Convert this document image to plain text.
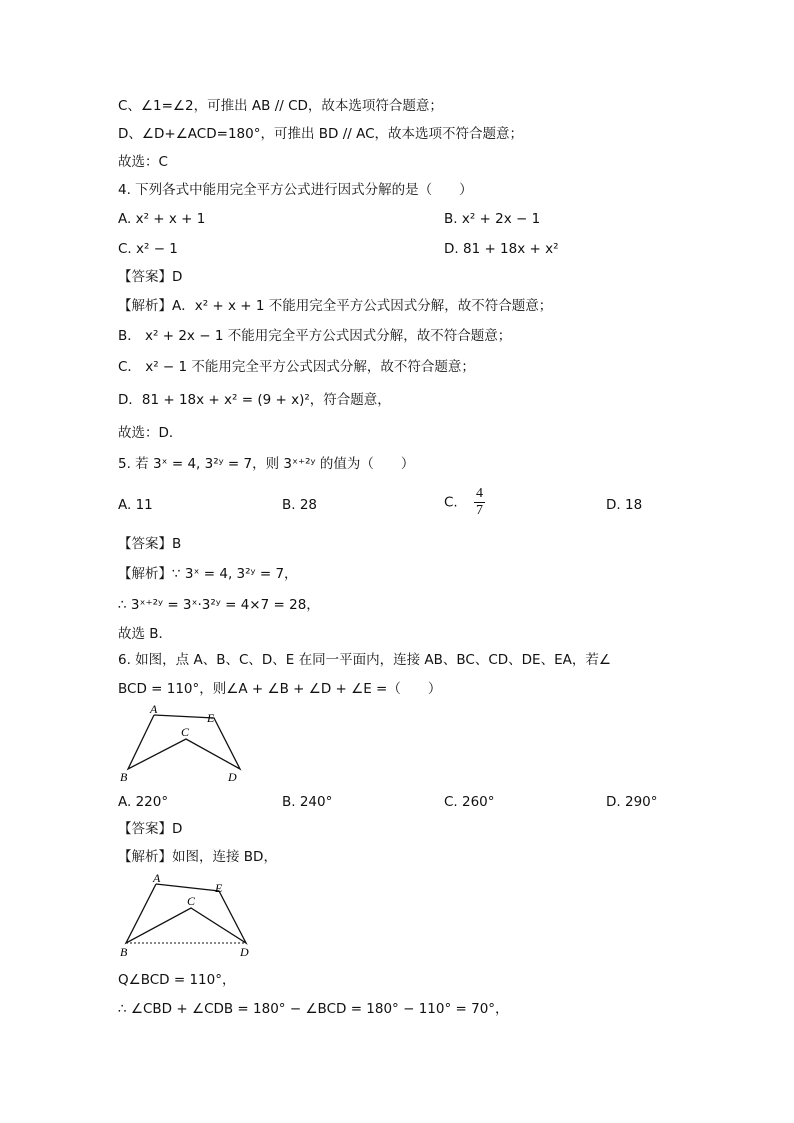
C、∠1=∠2，可推出 AB // CD，故本选项符合题意；
D、∠D+∠ACD=180°，可推出 BD // AC，故本选项不符合题意；
故选：C
4. 下列各式中能用完全平方公式进行因式分解的是（　　）
A. x² + x + 1	B. x² + 2x − 1
C. x² − 1	D. 81 + 18x + x²
【答案】D
【解析】A．x² + x + 1 不能用完全平方公式因式分解，故不符合题意；
B． x² + 2x − 1 不能用完全平方公式因式分解，故不符合题意；
C． x² − 1 不能用完全平方公式因式分解，故不符合题意；
D．81 + 18x + x² = (9 + x)²，符合题意，
故选：D．
5. 若 3ˣ = 4, 3²ʸ = 7，则 3ˣ⁺²ʸ 的值为（　　）
A. 11	B. 28	C. $\frac{4}{7}$	D. 18
【答案】B
【解析】∵ 3ˣ = 4, 3²ʸ = 7，
∴ 3ˣ⁺²ʸ = 3ˣ·3²ʸ = 4×7 = 28，
故选 B．
6. 如图，点 A、B、C、D、E 在同一平面内，连接 AB、BC、CD、DE、EA，若∠
BCD = 110°，则∠A + ∠B + ∠D + ∠E =（　　）
A
B
C
D
E
A. 220°	B. 240°	C. 260°	D. 290°
【答案】D
【解析】如图，连接 BD，
A
B
C
D
E
Q∠BCD = 110°，
∴ ∠CBD + ∠CDB = 180° − ∠BCD = 180° − 110° = 70°，
